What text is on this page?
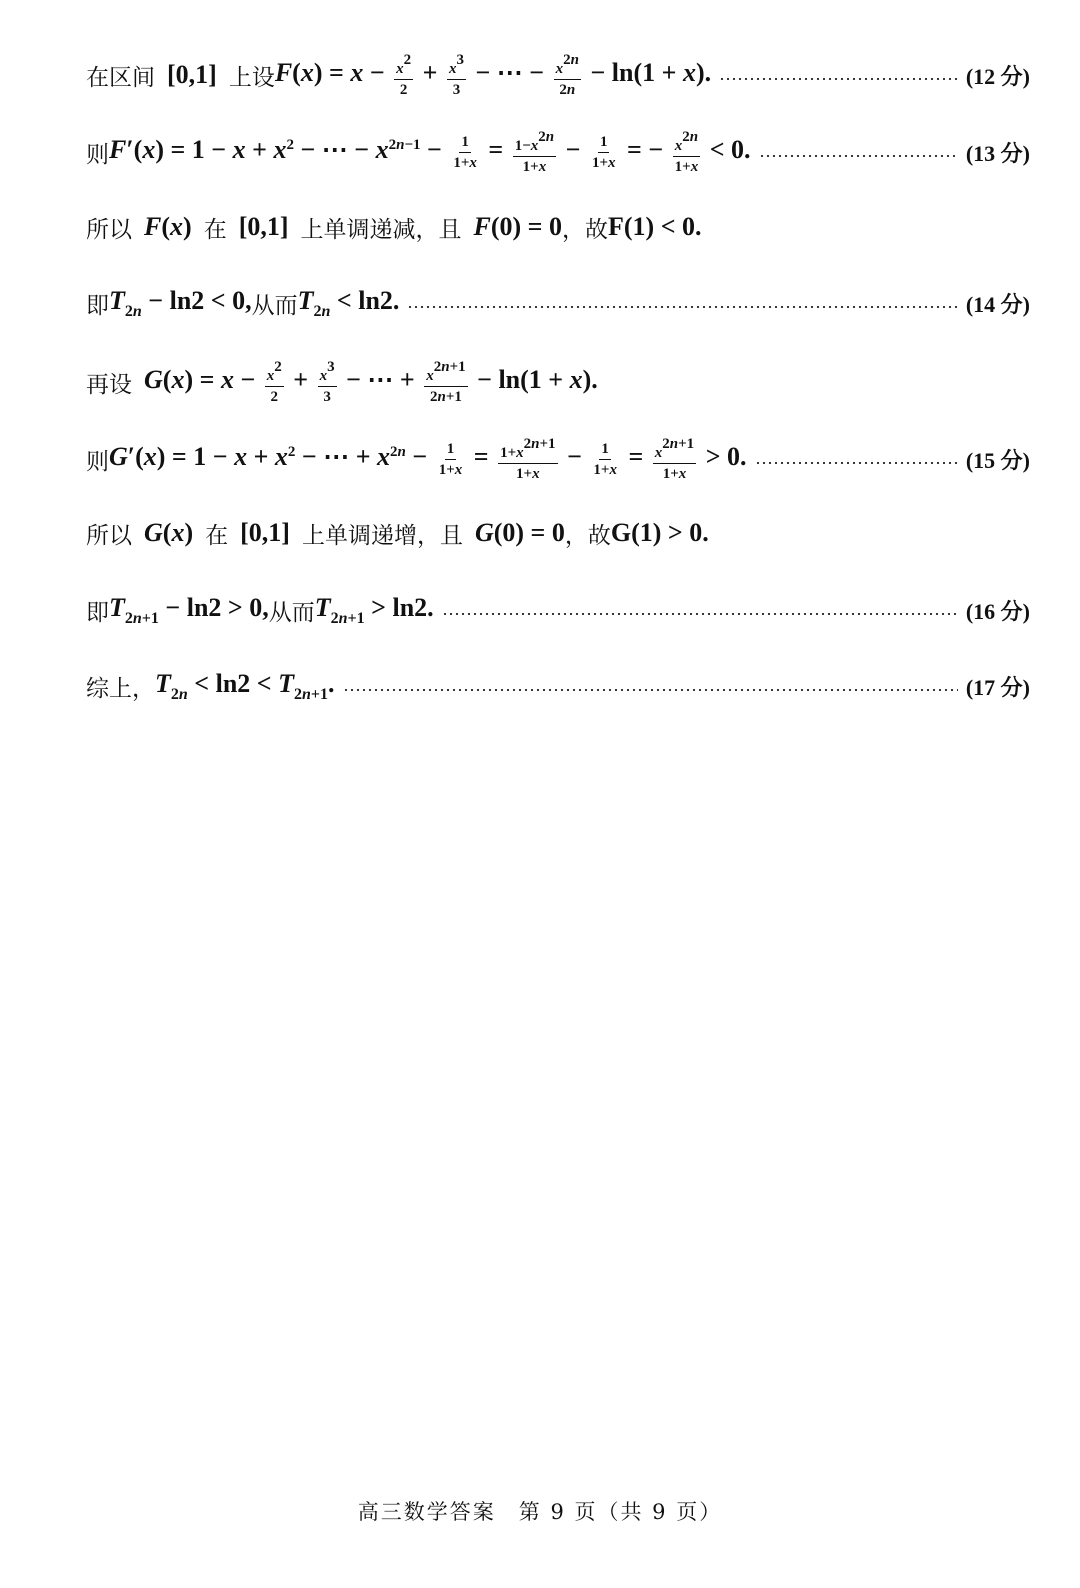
在区间 [0,1] 上设 $F(x) = x - \frac{x^2}{2} + \frac{x^3}{3}$ − ⋯ − $\frac{x^{2n}}{2n} - \ln(1 + x)$.	(12 分)
则 $F'(x) = 1 - x + x^2$ − ⋯ − $x^{2n-1} - \frac{1}{1+x} = \frac{1-x^{2n}}{1+x} - \frac{1}{1+x}$ = − $\frac{x^{2n}}{1+x} < 0$.	(13 分)
所以 F(x) 在 [0,1] 上单调递减，且 F(0) = 0 ，故 F(1) < 0.
即 $T_{2n} - \ln 2 < 0$, 从而 $T_{2n} < \ln 2$.	(14 分)
再设 $G(x) = x - \frac{x^2}{2} + \frac{x^3}{3}$ − ⋯ + $\frac{x^{2n+1}}{2n+1} - \ln(1 + x)$.
则 $G'(x) = 1 - x + x^2$ − ⋯ + $x^{2n} - \frac{1}{1+x} = \frac{1+x^{2n+1}}{1+x} - \frac{1}{1+x} = \frac{x^{2n+1}}{1+x} > 0$.	(15 分)
所以 G(x) 在 [0,1] 上单调递增，且 G(0) = 0 ，故 G(1) > 0.
即 $T_{2n+1} - \ln 2 > 0$, 从而 $T_{2n+1} > \ln 2$.	(16 分)
综上， $T_{2n} < \ln 2 < T_{2n+1}$.	(17 分)
高三数学答案　第 9 页（共 9 页）
